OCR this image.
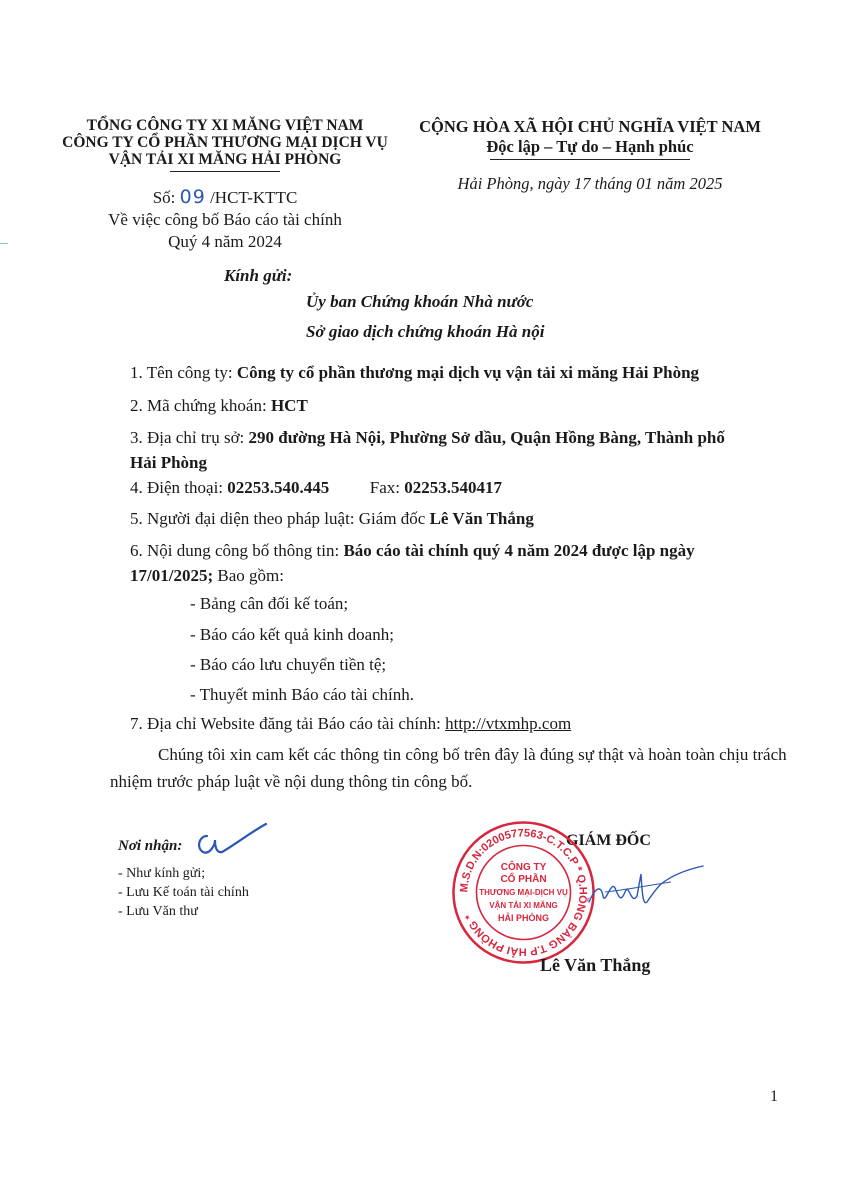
TỔNG CÔNG TY XI MĂNG VIỆT NAM
CÔNG TY CỔ PHẦN THƯƠNG MẠI DỊCH VỤ
VẬN TẢI XI MĂNG HẢI PHÒNG
CỘNG HÒA XÃ HỘI CHỦ NGHĨA VIỆT NAM
Độc lập – Tự do – Hạnh phúc
Hải Phòng, ngày 17 tháng 01 năm 2025
Số: 09 /HCT-KTTC
Về việc công bố Báo cáo tài chính
Quý 4 năm 2024
Kính gửi:
Ủy ban Chứng khoán Nhà nước
Sở giao dịch chứng khoán Hà nội
1. Tên công ty: Công ty cổ phần thương mại dịch vụ vận tải xi măng Hải Phòng
2. Mã chứng khoán: HCT
3. Địa chỉ trụ sở: 290 đường Hà Nội, Phường Sở dầu, Quận Hồng Bàng, Thành phố
Hải Phòng
4. Điện thoại: 02253.540.445 Fax: 02253.540417
5. Người đại diện theo pháp luật: Giám đốc Lê Văn Thắng
6. Nội dung công bố thông tin: Báo cáo tài chính quý 4 năm 2024 được lập ngày
17/01/2025; Bao gồm:
- Bảng cân đối kế toán;
- Báo cáo kết quả kinh doanh;
- Báo cáo lưu chuyển tiền tệ;
- Thuyết minh Báo cáo tài chính.
7. Địa chỉ Website đăng tải Báo cáo tài chính: http://vtxmhp.com
Chúng tôi xin cam kết các thông tin công bố trên đây là đúng sự thật và hoàn toàn chịu trách nhiệm trước pháp luật về nội dung thông tin công bố.
Nơi nhận:
- Như kính gửi;
- Lưu Kế toán tài chính
- Lưu Văn thư
GIÁM ĐỐC
M.S.D.N:0200577563-C.T.C.P * Q.HỒNG BÀNG T.P HẢI PHÒNG *
CÔNG TY
CỔ PHẦN
THƯƠNG MẠI-DỊCH VỤ
VẬN TẢI XI MĂNG
HẢI PHÒNG
Lê Văn Thắng
1
